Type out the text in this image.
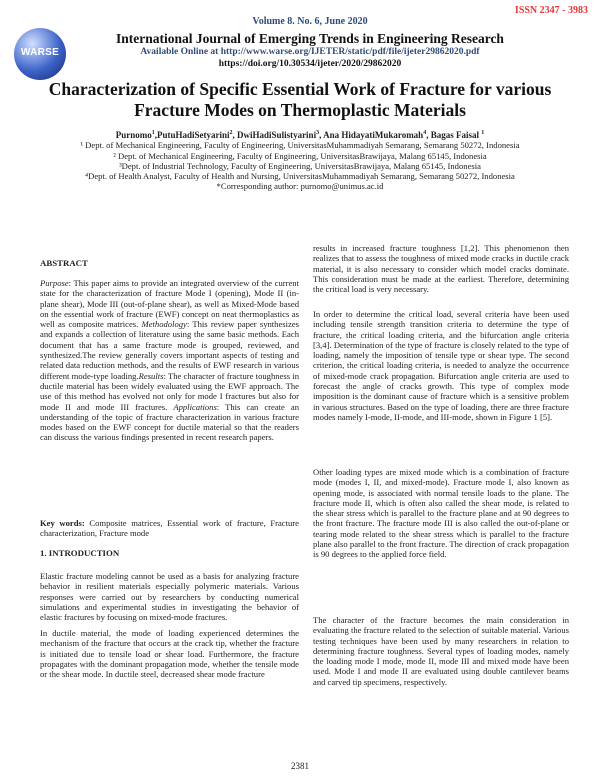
ISSN 2347 - 3983
WARSE
Volume 8. No. 6, June 2020
International Journal of Emerging Trends in Engineering Research
Available Online at http://www.warse.org/IJETER/static/pdf/file/ijeter29862020.pdf
https://doi.org/10.30534/ijeter/2020/29862020
Characterization of Specific Essential Work of Fracture for various Fracture Modes on Thermoplastic Materials
Purnomo$^1$,PutuHadiSetyarini$^2$, DwiHadiSulistyarini$^3$, Ana HidayatiMukaromah$^4$, Bagas Faisal $^1$
¹ Dept. of Mechanical Engineering, Faculty of Engineering, UniversitasMuhammadiyah Semarang, Semarang 50272, Indonesia
² Dept. of Mechanical Engineering, Faculty of Engineering, UniversitasBrawijaya, Malang 65145, Indonesia
³Dept. of Industrial Technology, Faculty of Engineering, UniversitasBrawijaya, Malang 65145, Indonesia
⁴Dept. of Health Analyst, Faculty of Health and Nursing, UniversitasMuhammadiyah Semarang, Semarang 50272, Indonesia
*Corresponding author: purnomo@unimus.ac.id
ABSTRACT
Purpose: This paper aims to provide an integrated overview of the current state for the characterization of fracture Mode I (opening), Mode II (in-plane shear), Mode III (out-of-plane shear), as well as Mixed-Mode based on the essential work of fracture (EWF) concept on neat thermoplastics as well as composite matrices. Methodology: This review paper synthesizes and expands a collection of literature using the same basic methods. Each document that has a same fracture mode is grouped, reviewed, and synthesized.The review generally covers important aspects of testing and related data reduction methods, and the results of EWF research in various different mode-type loading.Results: The character of fracture toughness in ductile material has been widely evaluated using the EWF approach. The use of this method has evolved not only for mode I fractures but also for mode II and mode III fractures. Applications: This can create an understanding of the topic of fracture characterization in various fracture modes based on the EWF concept for ductile material so that the readers can discuss the various findings presented in recent research papers.
Key words: Composite matrices, Essential work of fracture, Fracture characterization, Fracture mode
1. INTRODUCTION
Elastic fracture modeling cannot be used as a basis for analyzing fracture behavior in resilient materials especially polymeric materials. Various responses were carried out by researchers by conducting numerical simulations and experimental studies in investigating the behavior of elastic fractures by focusing on mixed-mode fractures.
In ductile material, the mode of loading experienced determines the mechanism of the fracture that occurs at the crack tip, whether the fracture is initiated due to tensile load or shear load. Furthermore, the fracture propagates with the dominant propagation mode, whether the tensile mode or the shear mode. In ductile steel, decreased shear mode fracture
results in increased fracture toughness [1,2]. This phenomenon then realizes that to assess the toughness of mixed mode cracks in ductile crack material, it is also necessary to consider which model cracks dominate. This consideration must be made at the earliest. Therefore, determining the critical load is very necessary.
In order to determine the critical load, several criteria have been used including tensile strength transition criteria to determine the type of fracture, the critical loading criteria, and the bifurcation angle criteria [3,4]. Determination of the type of fracture is closely related to the type of loading, namely the imposition of tensile type or shear type. The second criterion, the critical loading criteria, is needed to analyze the occurrence of mixed-mode crack propagation. Bifurcation angle criteria are used to forecast the angle of cracks growth. This type of complex mode imposition is the dominant cause of fracture which is a sensitive problem in various structures. Based on the type of loading, there are three fracture modes namely I-mode, II-mode, and III-mode, shown in Figure 1 [5].
Other loading types are mixed mode which is a combination of fracture mode (modes I, II, and mixed-mode). Fracture mode I, also known as opening mode, is associated with normal tensile loads to the plane. The fracture mode II, which is often also called the shear mode, is related to the shear stress which is parallel to the fracture plane and at 90 degrees to the front fracture. The fracture mode III is also called the out-of-plane or tearing mode related to the shear stress which is parallel to the fracture plane also parallel to the front fracture. The direction of crack propagation is 90 degrees to the applied force field.
The character of the fracture becomes the main consideration in evaluating the fracture related to the selection of suitable material. Various testing techniques have been used by many researchers in relation to determining fracture toughness. Several types of loading modes, namely the loading mode I mode, mode II, mode III and mixed mode have been used. Mode I and mode II are evaluated using double cantilever beams and carved tip specimens, respectively.
2381
